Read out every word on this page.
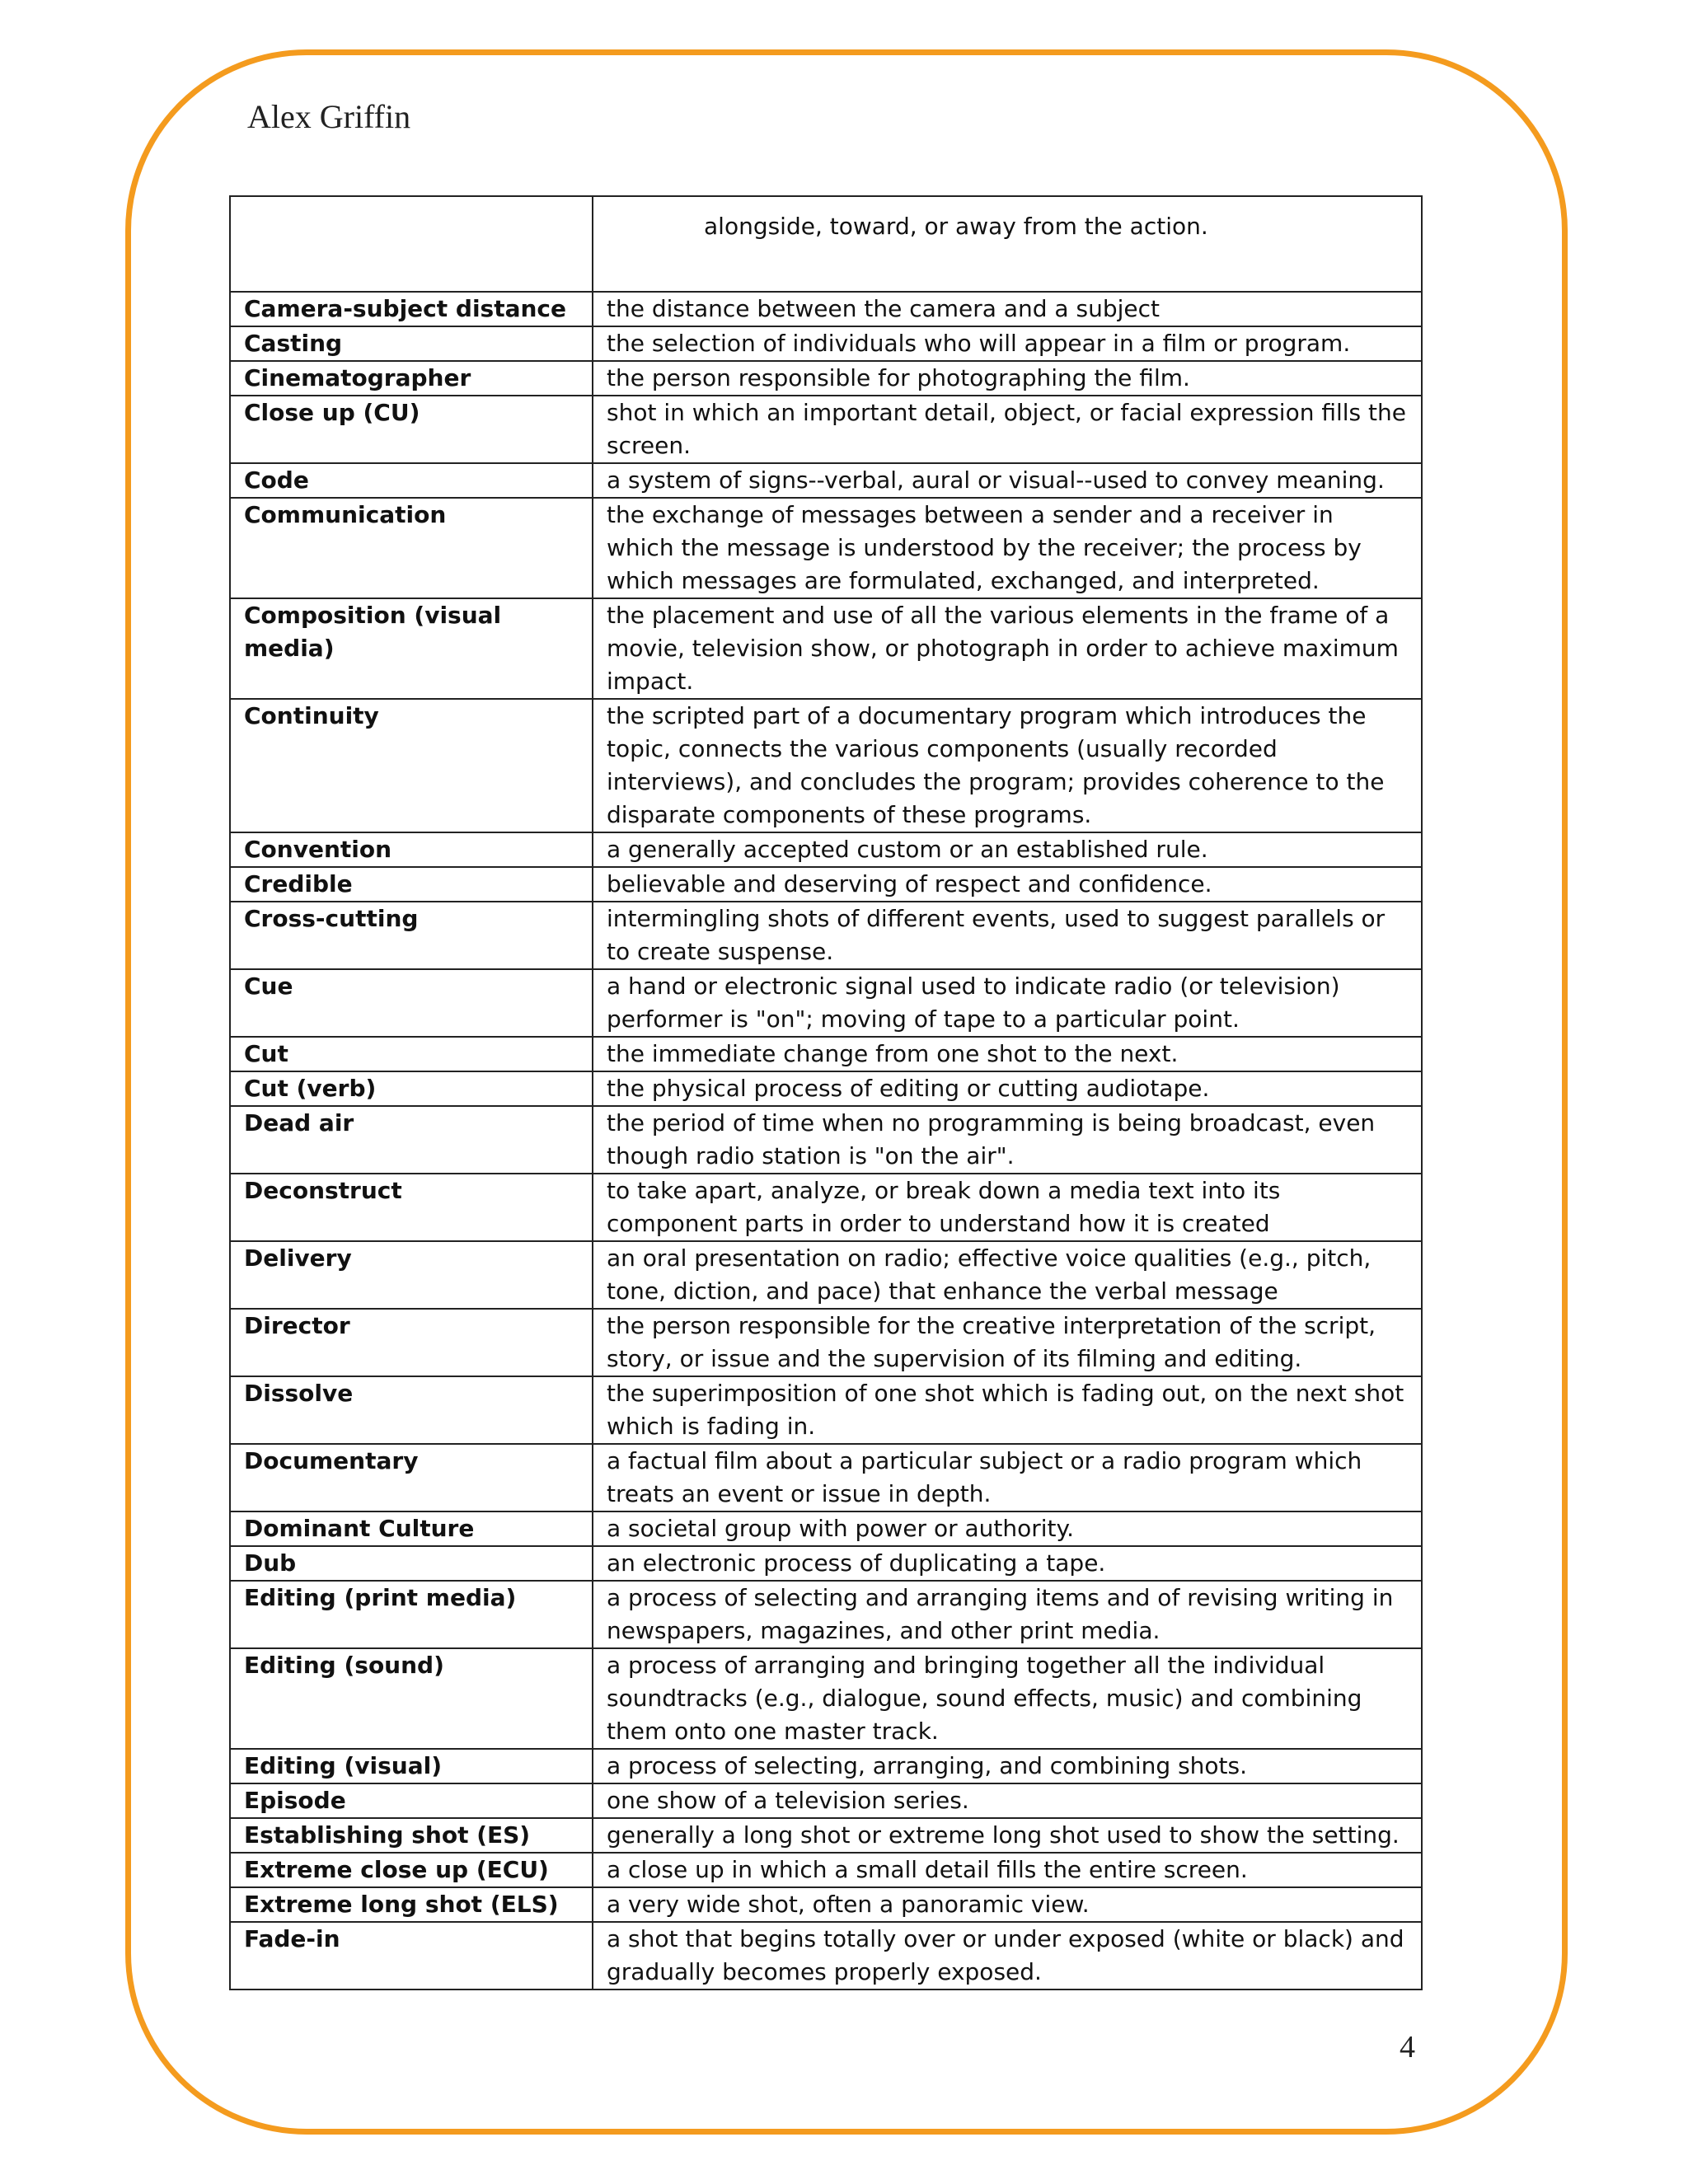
Alex Griffin

	alongside, toward, or away from the action.

Camera-subject distance	the distance between the camera and a subject
Casting	the selection of individuals who will appear in a film or program.
Cinematographer	the person responsible for photographing the film.
Close up (CU)	shot in which an important detail, object, or facial expression fills the screen.
Code	a system of signs--verbal, aural or visual--used to convey meaning.
Communication	the exchange of messages between a sender and a receiver in which the message is understood by the receiver; the process by which messages are formulated, exchanged, and interpreted.
Composition (visual media)	the placement and use of all the various elements in the frame of a movie, television show, or photograph in order to achieve maximum impact.
Continuity	the scripted part of a documentary program which introduces the topic, connects the various components (usually recorded interviews), and concludes the program; provides coherence to the disparate components of these programs.
Convention	a generally accepted custom or an established rule.
Credible	believable and deserving of respect and confidence.
Cross-cutting	intermingling shots of different events, used to suggest parallels or to create suspense.
Cue	a hand or electronic signal used to indicate radio (or television) performer is "on"; moving of tape to a particular point.
Cut	the immediate change from one shot to the next.
Cut (verb)	the physical process of editing or cutting audiotape.
Dead air	the period of time when no programming is being broadcast, even though radio station is "on the air".
Deconstruct	to take apart, analyze, or break down a media text into its component parts in order to understand how it is created
Delivery	an oral presentation on radio; effective voice qualities (e.g., pitch, tone, diction, and pace) that enhance the verbal message
Director	the person responsible for the creative interpretation of the script, story, or issue and the supervision of its filming and editing.
Dissolve	the superimposition of one shot which is fading out, on the next shot which is fading in.
Documentary	a factual film about a particular subject or a radio program which treats an event or issue in depth.
Dominant Culture	a societal group with power or authority.
Dub	an electronic process of duplicating a tape.
Editing (print media)	a process of selecting and arranging items and of revising writing in newspapers, magazines, and other print media.
Editing (sound)	a process of arranging and bringing together all the individual soundtracks (e.g., dialogue, sound effects, music) and combining them onto one master track.
Editing (visual)	a process of selecting, arranging, and combining shots.
Episode	one show of a television series.
Establishing shot (ES)	generally a long shot or extreme long shot used to show the setting.
Extreme close up (ECU)	a close up in which a small detail fills the entire screen.
Extreme long shot (ELS)	a very wide shot, often a panoramic view.
Fade-in	a shot that begins totally over or under exposed (white or black) and gradually becomes properly exposed.
4
